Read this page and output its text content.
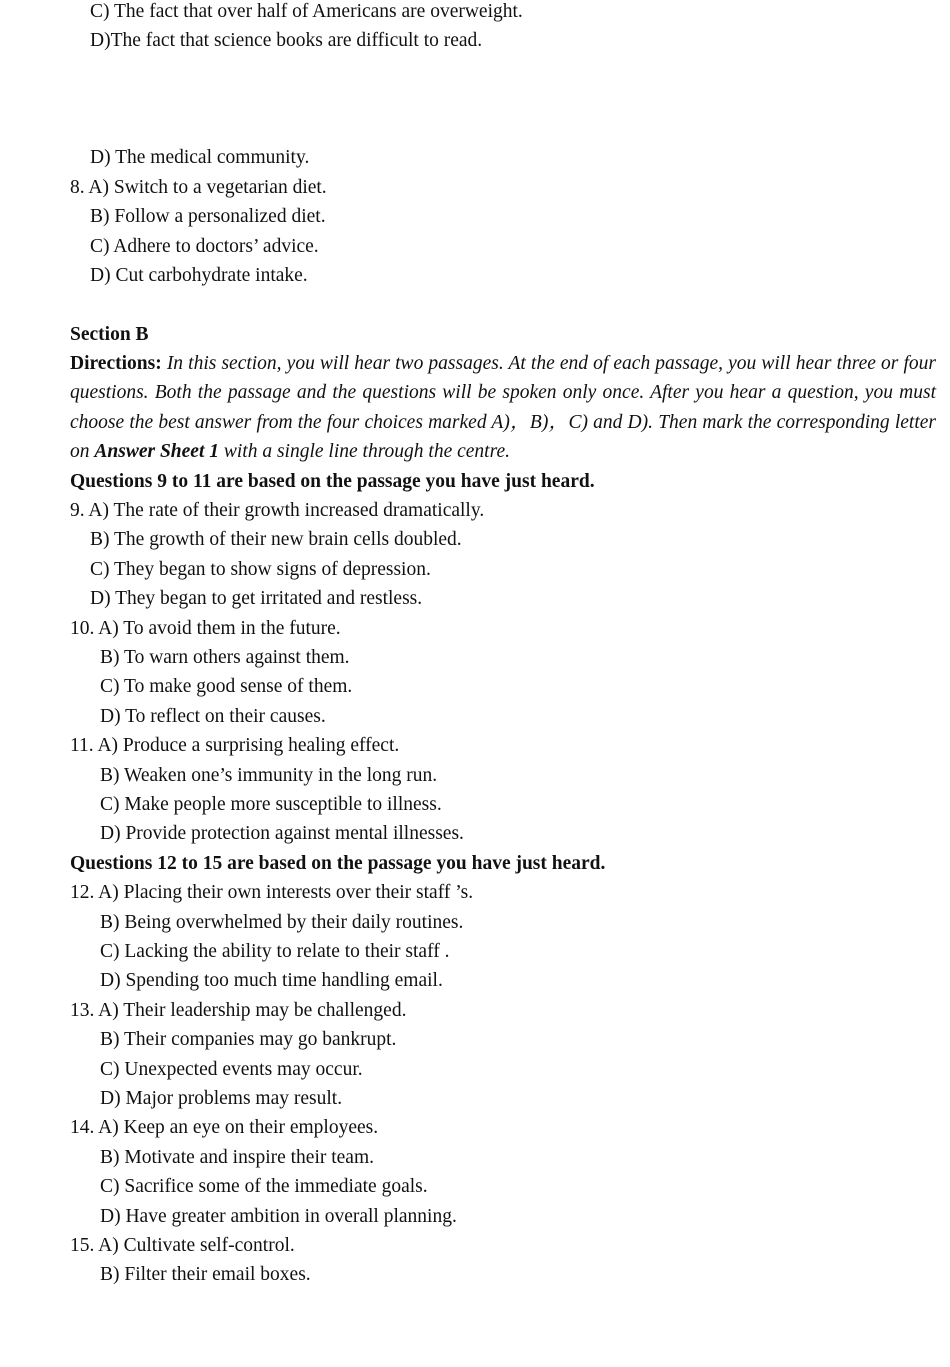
C) The fact that over half of Americans are overweight.
D)The fact that science books are difficult to read.
D) The medical community.
8. A) Switch to a vegetarian diet.
B) Follow a personalized diet.
C) Adhere to doctors’ advice.
D) Cut carbohydrate intake.
Section B
Directions: In this section, you will hear two passages. At the end of each passage, you will hear three or four questions. Both the passage and the questions will be spoken only once. After you hear a question, you must choose the best answer from the four choices marked A)，B)，C) and D). Then mark the corresponding letter on Answer Sheet 1 with a single line through the centre.
Questions 9 to 11 are based on the passage you have just heard.
9. A) The rate of their growth increased dramatically.
B) The growth of their new brain cells doubled.
C) They began to show signs of depression.
D) They began to get irritated and restless.
10. A) To avoid them in the future.
B) To warn others against them.
C) To make good sense of them.
D) To reflect on their causes.
11. A) Produce a surprising healing effect.
B) Weaken one’s immunity in the long run.
C) Make people more susceptible to illness.
D) Provide protection against mental illnesses.
Questions 12 to 15 are based on the passage you have just heard.
12. A) Placing their own interests over their staff ’s.
B) Being overwhelmed by their daily routines.
C) Lacking the ability to relate to their staff .
D) Spending too much time handling email.
13. A) Their leadership may be challenged.
B) Their companies may go bankrupt.
C) Unexpected events may occur.
D) Major problems may result.
14. A) Keep an eye on their employees.
B) Motivate and inspire their team.
C) Sacrifice some of the immediate goals.
D) Have greater ambition in overall planning.
15. A) Cultivate self-control.
B) Filter their email boxes.
